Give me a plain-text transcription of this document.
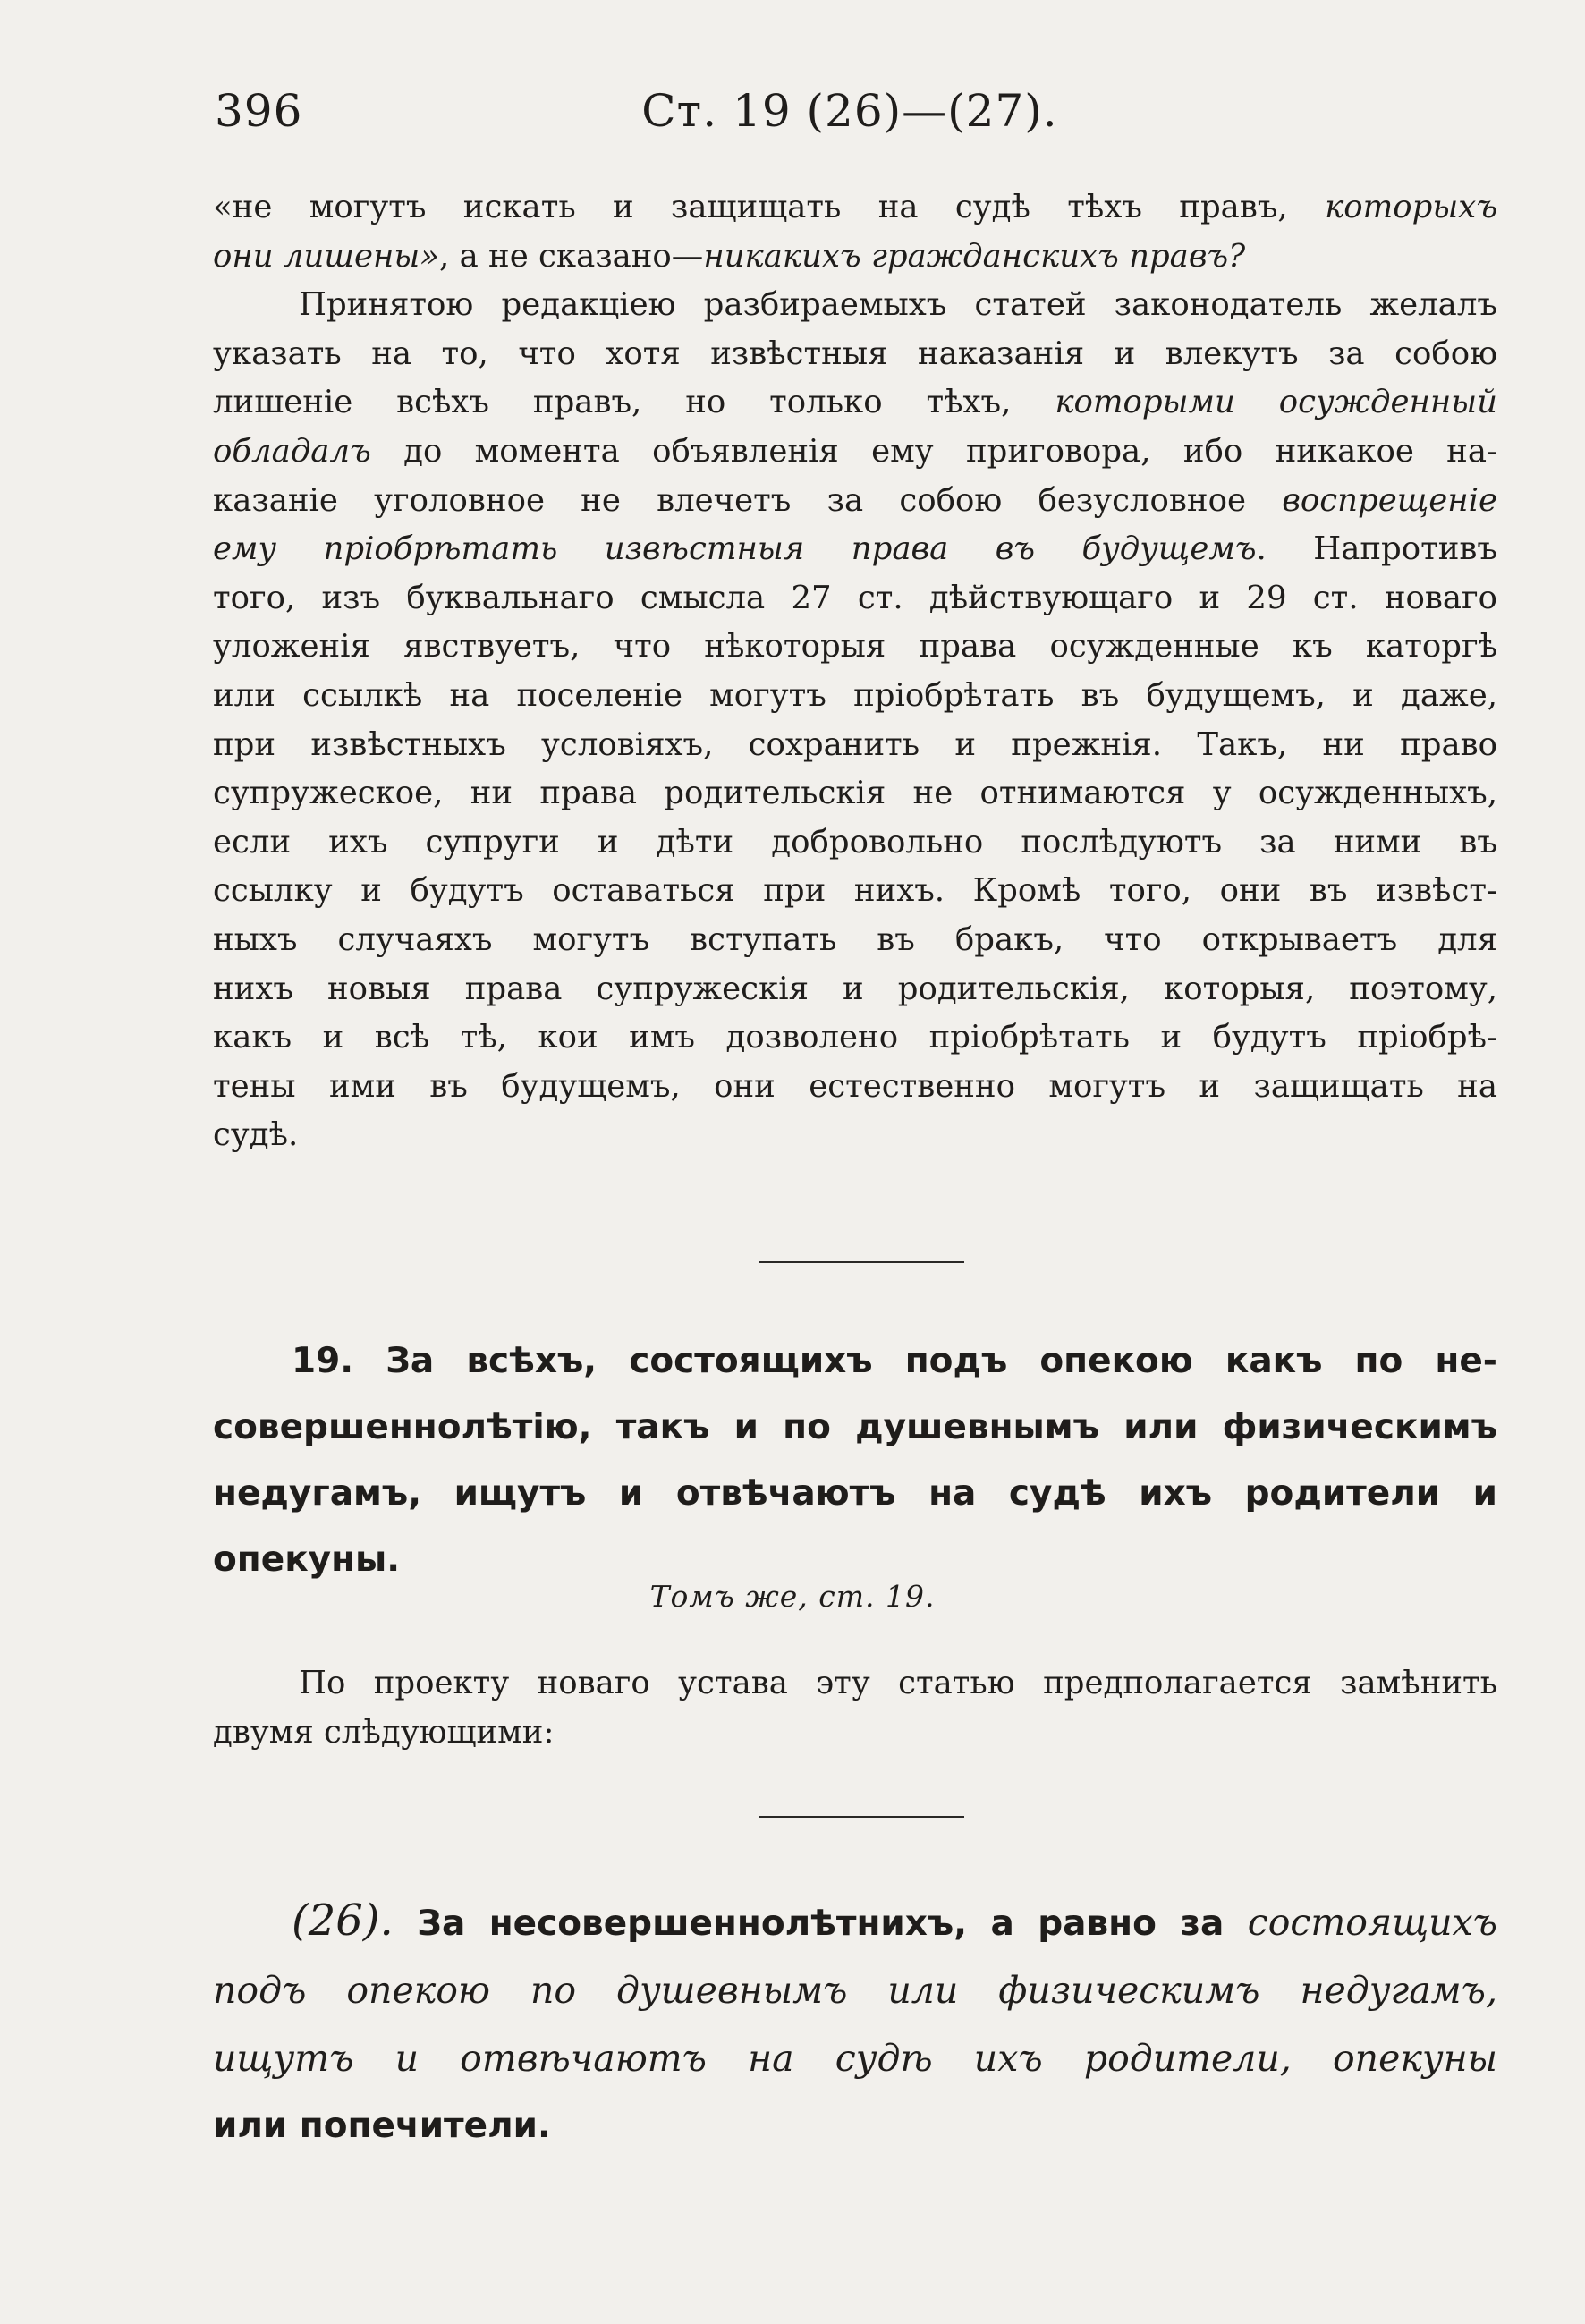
396	Ст. 19 (26)—(27).

«не могутъ искать и защищать на судѣ тѣхъ правъ, которыхъ

они лишены», а не сказано—никакихъ гражданскихъ правъ?

Принятою редакціею разбираемыхъ статей законодатель желалъ

указать на то, что хотя извѣстныя наказанія и влекутъ за собою

лишеніе всѣхъ правъ, но только тѣхъ, которыми осужденный

обладалъ до момента объявленія ему приговора, ибо никакое на-

казаніе уголовное не влечетъ за собою безусловное воспрещеніе

ему пріобрѣтать извѣстныя права въ будущемъ. Напротивъ

того, изъ буквальнаго смысла 27 ст. дѣйствующаго и 29 ст. новаго

уложенія явствуетъ, что нѣкоторыя права осужденные къ каторгѣ

или ссылкѣ на поселеніе могутъ пріобрѣтать въ будущемъ, и даже,

при извѣстныхъ условіяхъ, сохранить и прежнія. Такъ, ни право

супружеское, ни права родительскія не отнимаются у осужденныхъ,

если ихъ супруги и дѣти добровольно послѣдуютъ за ними въ

ссылку и будутъ оставаться при нихъ. Кромѣ того, они въ извѣст-

ныхъ случаяхъ могутъ вступать въ бракъ, что открываетъ для

нихъ новыя права супружескія и родительскія, которыя, поэтому,

какъ и всѣ тѣ, кои имъ дозволено пріобрѣтать и будутъ пріобрѣ-

тены ими въ будущемъ, они естественно могутъ и защищать на

судѣ.

19. За всѣхъ, состоящихъ подъ опекою какъ по не-

совершеннолѣтію, такъ и по душевнымъ или физическимъ

недугамъ, ищутъ и отвѣчаютъ на судѣ ихъ родители и

опекуны.

Томъ же, ст. 19.

По проекту новаго устава эту статью предполагается замѣнить

двумя слѣдующими:

(26). За несовершеннолѣтнихъ, а равно за состоящихъ

подъ опекою по душевнымъ или физическимъ недугамъ,

ищутъ и отвѣчаютъ на судѣ ихъ родители, опекуны

или попечители.
